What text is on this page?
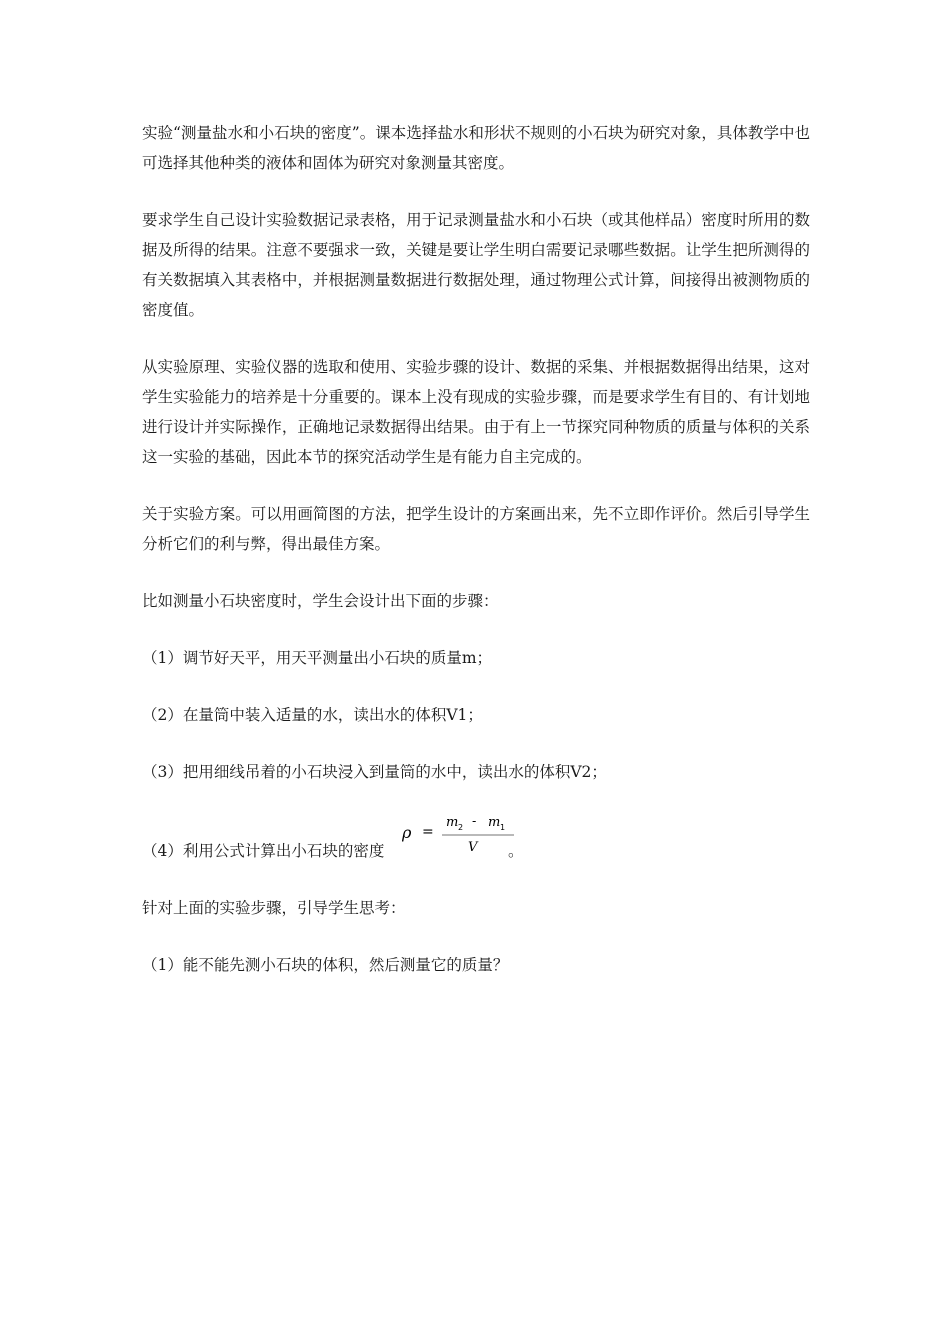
实验“测量盐水和小石块的密度”。课本选择盐水和形状不规则的小石块为研究对象，具体教学中也可选择其他种类的液体和固体为研究对象测量其密度。

要求学生自己设计实验数据记录表格，用于记录测量盐水和小石块（或其他样品）密度时所用的数据及所得的结果。注意不要强求一致，关键是要让学生明白需要记录哪些数据。让学生把所测得的有关数据填入其表格中，并根据测量数据进行数据处理，通过物理公式计算，间接得出被测物质的密度值。

从实验原理、实验仪器的选取和使用、实验步骤的设计、数据的采集、并根据数据得出结果，这对学生实验能力的培养是十分重要的。课本上没有现成的实验步骤，而是要求学生有目的、有计划地进行设计并实际操作，正确地记录数据得出结果。由于有上一节探究同种物质的质量与体积的关系这一实验的基础，因此本节的探究活动学生是有能力自主完成的。

关于实验方案。可以用画简图的方法，把学生设计的方案画出来，先不立即作评价。然后引导学生分析它们的利与弊，得出最佳方案。

比如测量小石块密度时，学生会设计出下面的步骤：

（1）调节好天平，用天平测量出小石块的质量m；

（2）在量筒中装入适量的水，读出水的体积V1；

（3）把用细线吊着的小石块浸入到量筒的水中，读出水的体积V2；

（4）利用公式计算出小石块的密度

ρ =
m 2 - m 1
V 。

针对上面的实验步骤，引导学生思考：

（1）能不能先测小石块的体积，然后测量它的质量？
